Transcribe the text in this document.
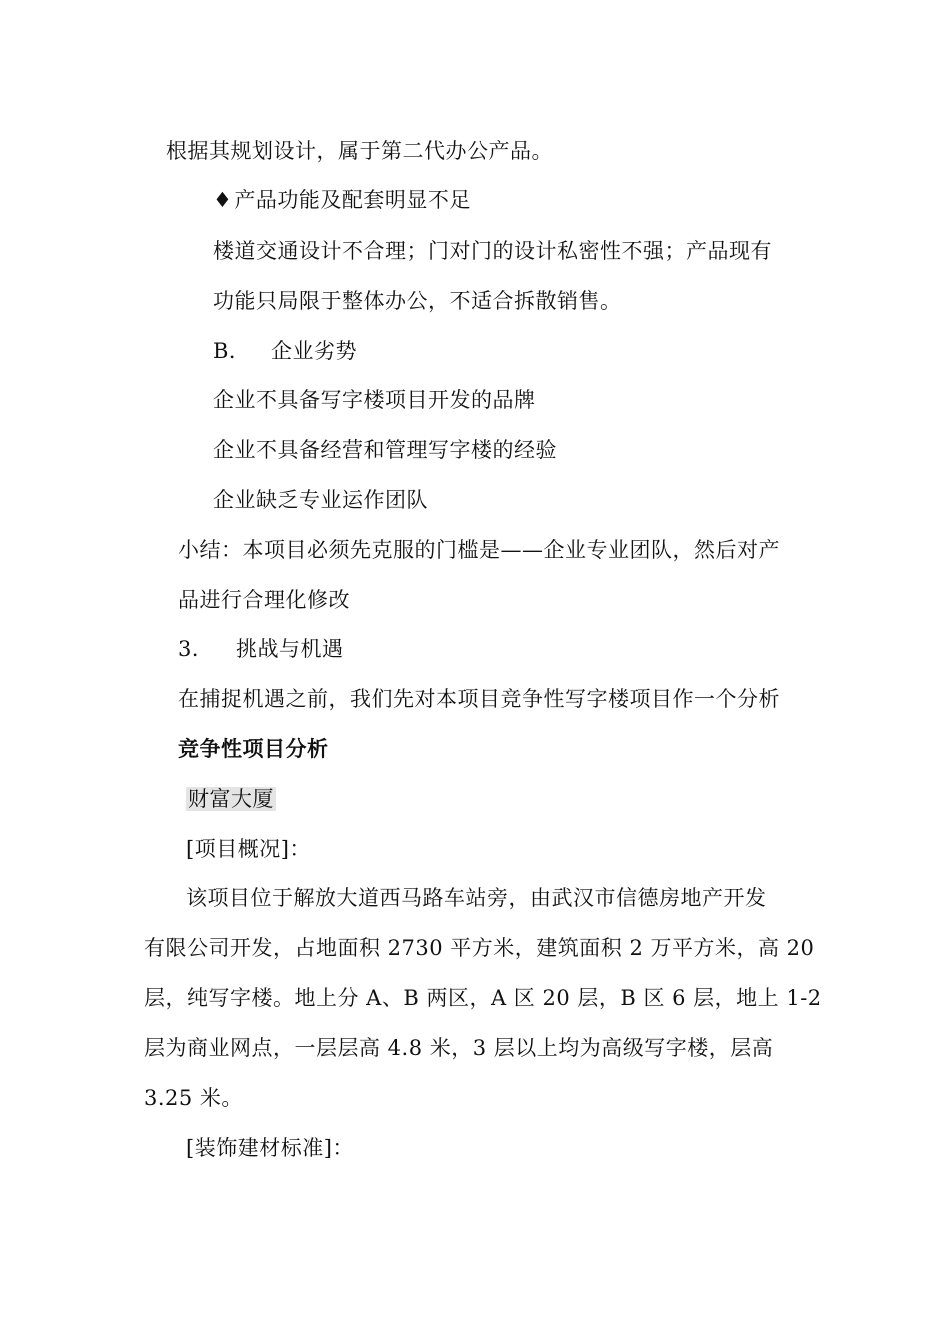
根据其规划设计，属于第二代办公产品。
♦产品功能及配套明显不足
楼道交通设计不合理；门对门的设计私密性不强；产品现有
功能只局限于整体办公，不适合拆散销售。
B． 企业劣势
企业不具备写字楼项目开发的品牌
企业不具备经营和管理写字楼的经验
企业缺乏专业运作团队
小结：本项目必须先克服的门槛是——企业专业团队，然后对产
品进行合理化修改
3． 挑战与机遇
在捕捉机遇之前，我们先对本项目竞争性写字楼项目作一个分析
竞争性项目分析
财富大厦
[项目概况]：
该项目位于解放大道西马路车站旁，由武汉市信德房地产开发
有限公司开发，占地面积 2730 平方米，建筑面积 2 万平方米，高 20
层，纯写字楼。地上分 A、B 两区，A 区 20 层，B 区 6 层，地上 1-2
层为商业网点，一层层高 4.8 米，3 层以上均为高级写字楼，层高
3.25 米。
[装饰建材标准]：
